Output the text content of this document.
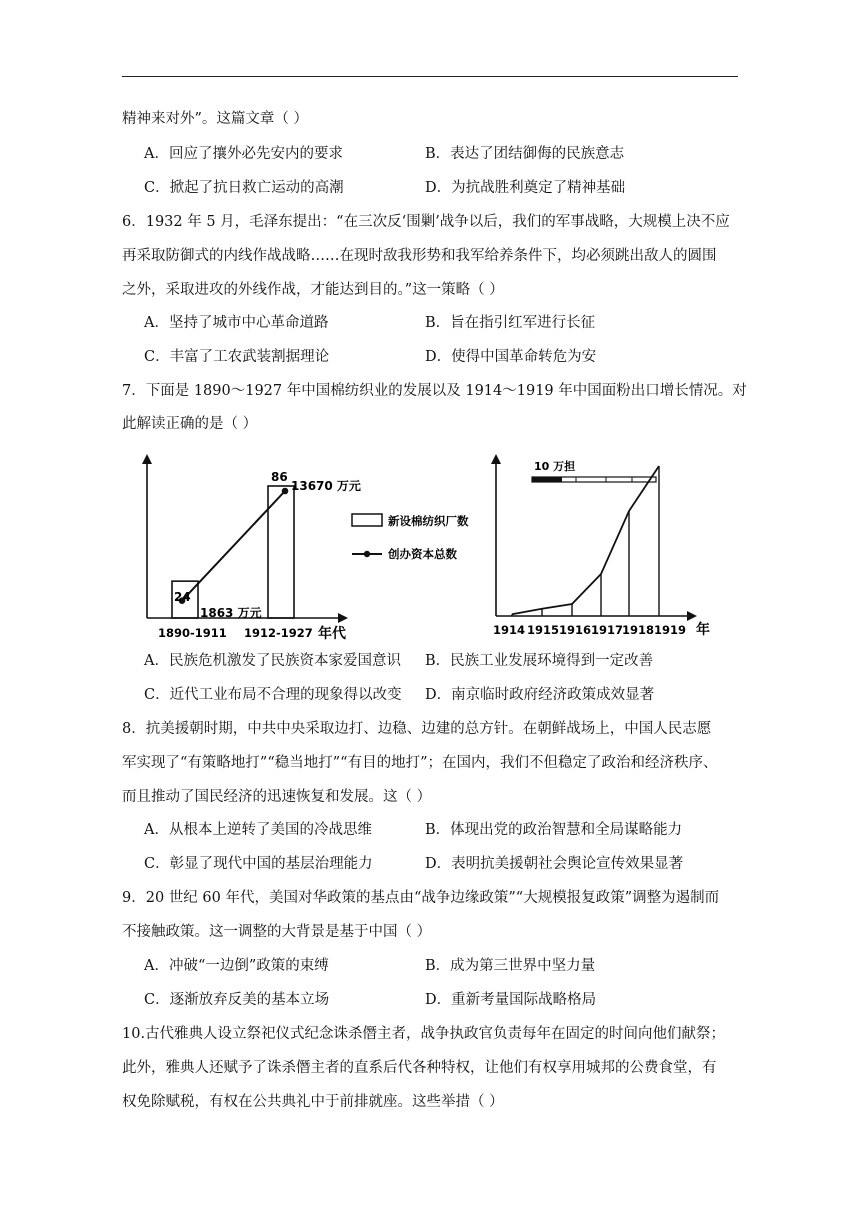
精神来对外”。这篇文章（ ）
A．回应了攘外必先安内的要求	B．表达了团结御侮的民族意志
C．掀起了抗日救亡运动的高潮	D．为抗战胜利奠定了精神基础
6．1932 年 5 月，毛泽东提出：“在三次反‘围剿’战争以后，我们的军事战略，大规模上决不应
再采取防御式的内线作战战略……在现时敌我形势和我军给养条件下，均必须跳出敌人的圆围
之外，采取进攻的外线作战，才能达到目的。”这一策略（ ）
A．坚持了城市中心革命道路	B．旨在指引红军进行长征
C．丰富了工农武装割据理论	D．使得中国革命转危为安
7．下面是 1890～1927 年中国棉纺织业的发展以及 1914～1919 年中国面粉出口增长情况。对
此解读正确的是（ ）
24
86
1863 万元
13670 万元
1890-1911 1912-1927 年代
新设棉纺织厂数
创办资本总数
10 万担
1914 1915 1916 1917
1918 1919 年
A．民族危机激发了民族资本家爱国意识 B．民族工业发展环境得到一定改善
C．近代工业布局不合理的现象得以改变 D．南京临时政府经济政策成效显著
8．抗美援朝时期，中共中央采取边打、边稳、边建的总方针。在朝鲜战场上，中国人民志愿
军实现了“有策略地打”“稳当地打”“有目的地打”；在国内，我们不但稳定了政治和经济秩序、
而且推动了国民经济的迅速恢复和发展。这（ ）
A．从根本上逆转了美国的冷战思维	B．体现出党的政治智慧和全局谋略能力
C．彰显了现代中国的基层治理能力	D．表明抗美援朝社会舆论宣传效果显著
9．20 世纪 60 年代，美国对华政策的基点由“战争边缘政策”“大规模报复政策”调整为遏制而
不接触政策。这一调整的大背景是基于中国（ ）
A．冲破“一边倒”政策的束缚	B．成为第三世界中坚力量
C．逐渐放弃反美的基本立场	D．重新考量国际战略格局
10.古代雅典人设立祭祀仪式纪念诛杀僭主者，战争执政官负责每年在固定的时间向他们献祭；
此外，雅典人还赋予了诛杀僭主者的直系后代各种特权，让他们有权享用城邦的公费食堂，有
权免除赋税，有权在公共典礼中于前排就座。这些举措（ ）
